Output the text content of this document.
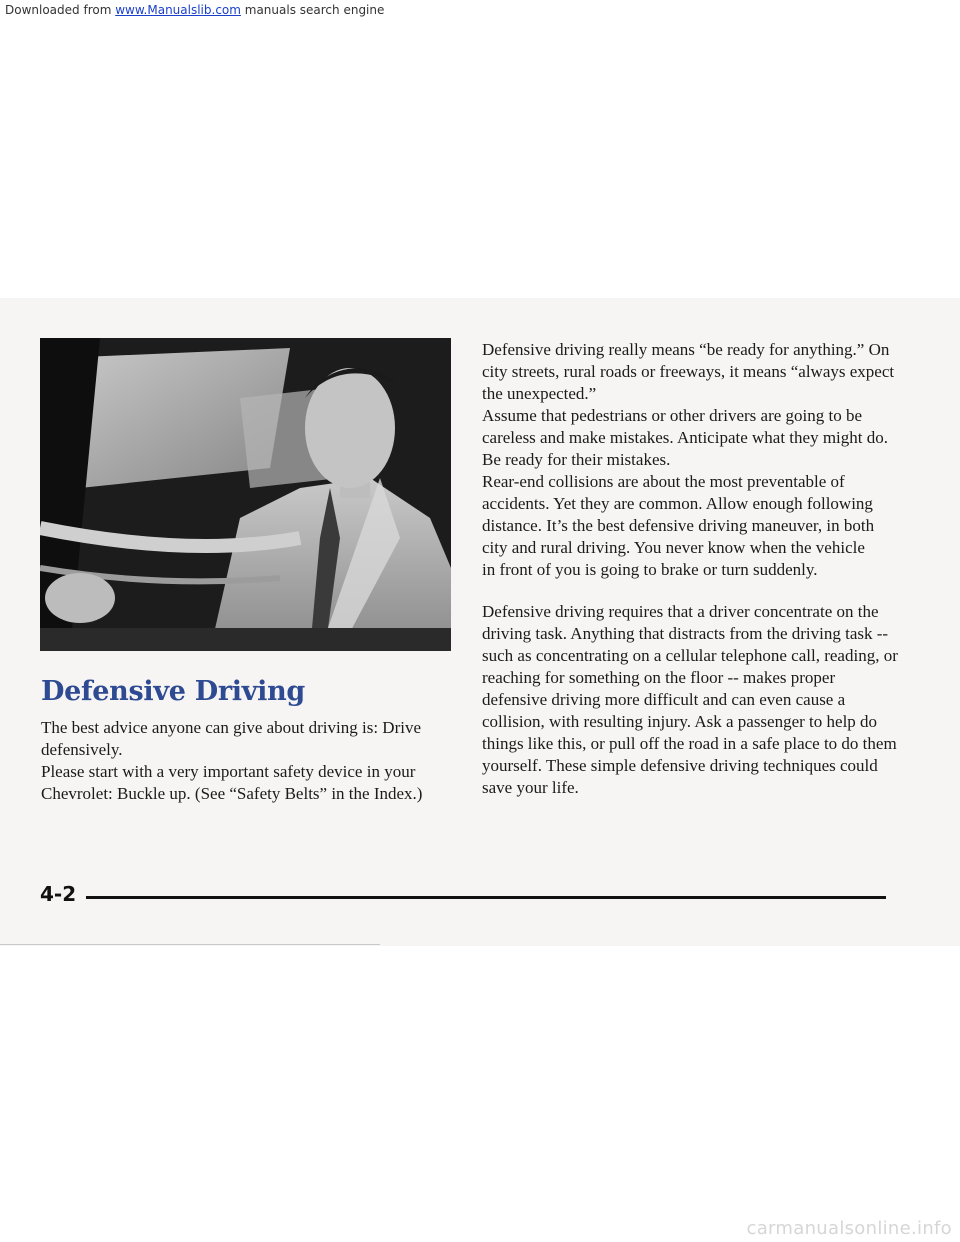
Downloaded from www.Manualslib.com manuals search engine

Defensive Driving

The best advice anyone can give about driving is: Drive defensively.

Please start with a very important safety device in your Chevrolet: Buckle up. (See “Safety Belts” in the Index.)

Defensive driving really means “be ready for anything.” On city streets, rural roads or freeways, it means “always expect the unexpected.”

Assume that pedestrians or other drivers are going to be careless and make mistakes. Anticipate what they might do. Be ready for their mistakes.

Rear-end collisions are about the most preventable of accidents. Yet they are common. Allow enough following distance. It’s the best defensive driving maneuver, in both city and rural driving. You never know when the vehicle in front of you is going to brake or turn suddenly.

Defensive driving requires that a driver concentrate on the driving task. Anything that distracts from the driving task -- such as concentrating on a cellular telephone call, reading, or reaching for something on the floor -- makes proper defensive driving more difficult and can even cause a collision, with resulting injury. Ask a passenger to help do things like this, or pull off the road in a safe place to do them yourself. These simple defensive driving techniques could save your life.

4-2

carmanualsonline.info
